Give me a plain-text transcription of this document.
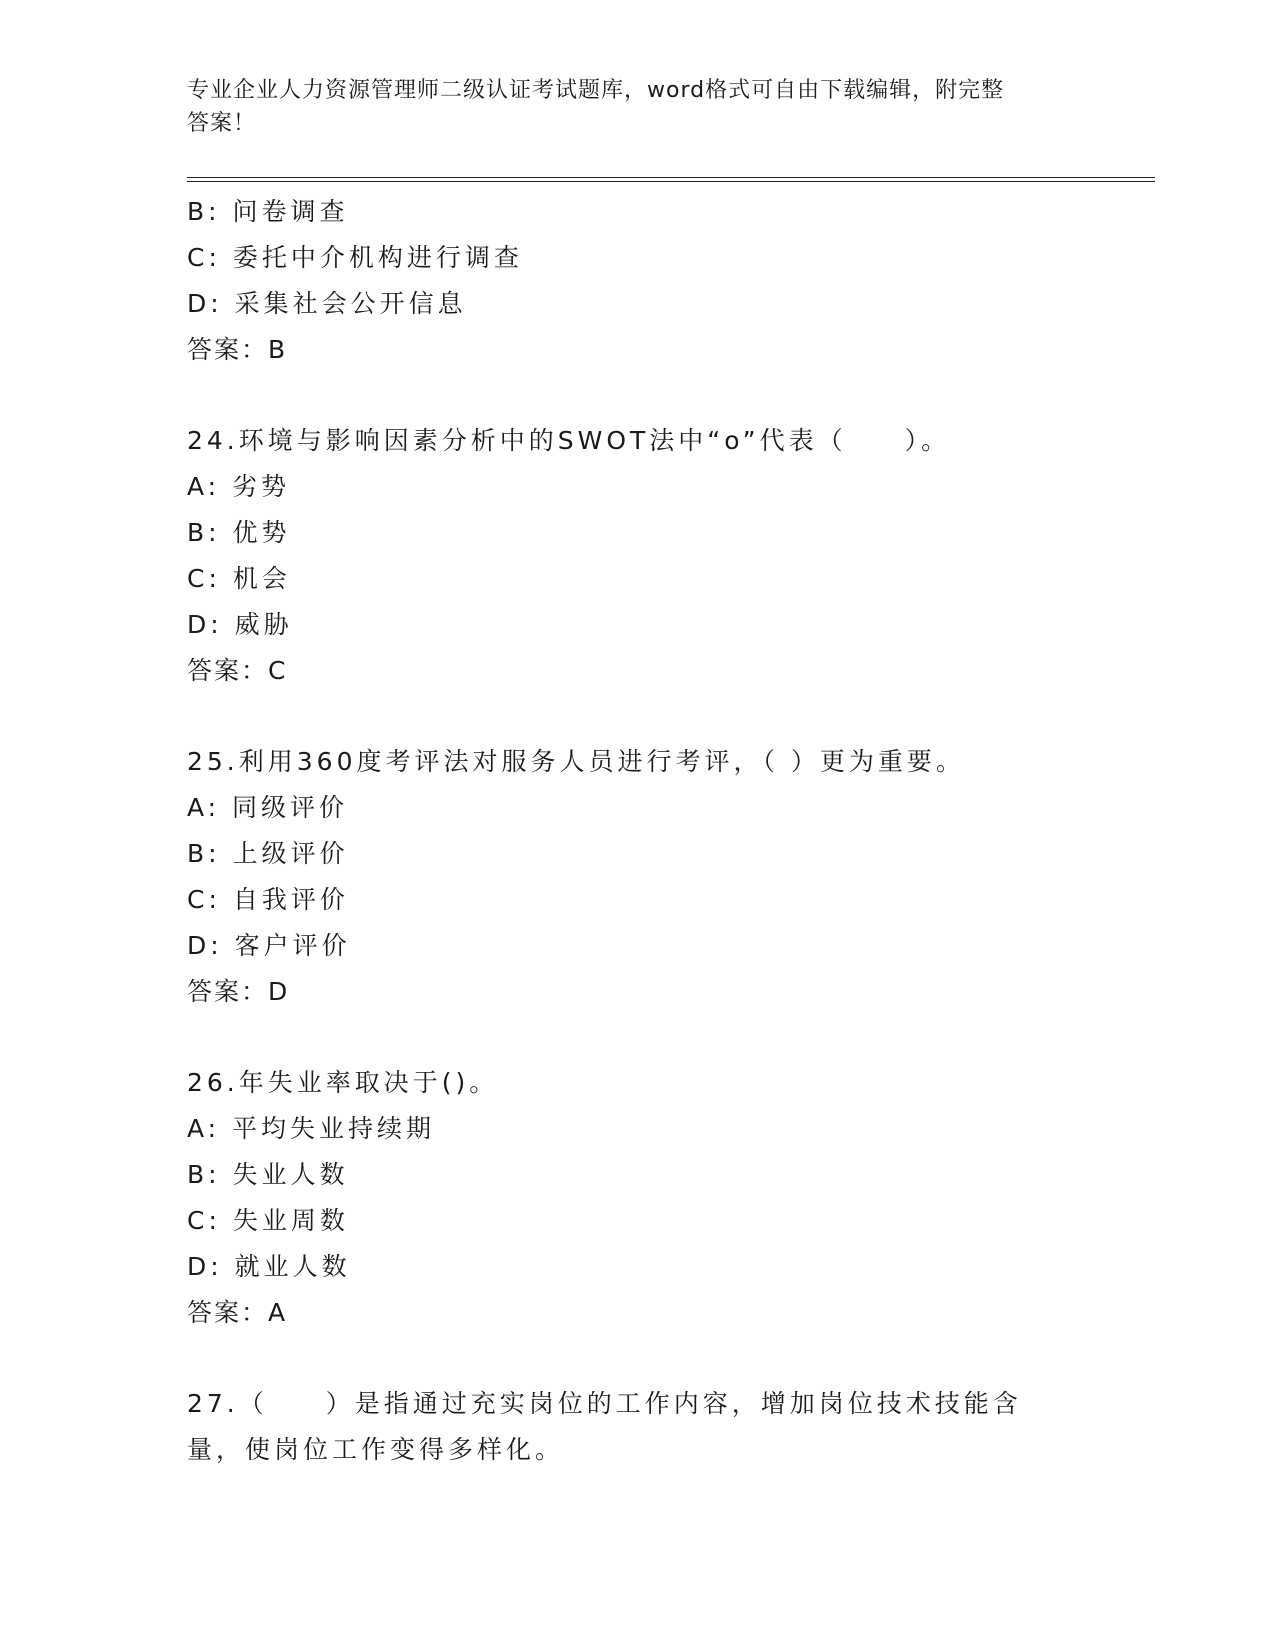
专业企业人力资源管理师二级认证考试题库，word格式可自由下载编辑，附完整
答案！
B: 问卷调查
C: 委托中介机构进行调查
D: 采集社会公开信息
答案：B
24.环境与影响因素分析中的SWOT法中“o”代表（　　）。
A: 劣势
B: 优势
C: 机会
D: 威胁
答案：C
25.利用360度考评法对服务人员进行考评，（ ）更为重要。
A: 同级评价
B: 上级评价
C: 自我评价
D: 客户评价
答案：D
26.年失业率取决于()。
A: 平均失业持续期
B: 失业人数
C: 失业周数
D: 就业人数
答案：A
27.（　　）是指通过充实岗位的工作内容，增加岗位技术技能含量，使岗位工作变得多样化。
